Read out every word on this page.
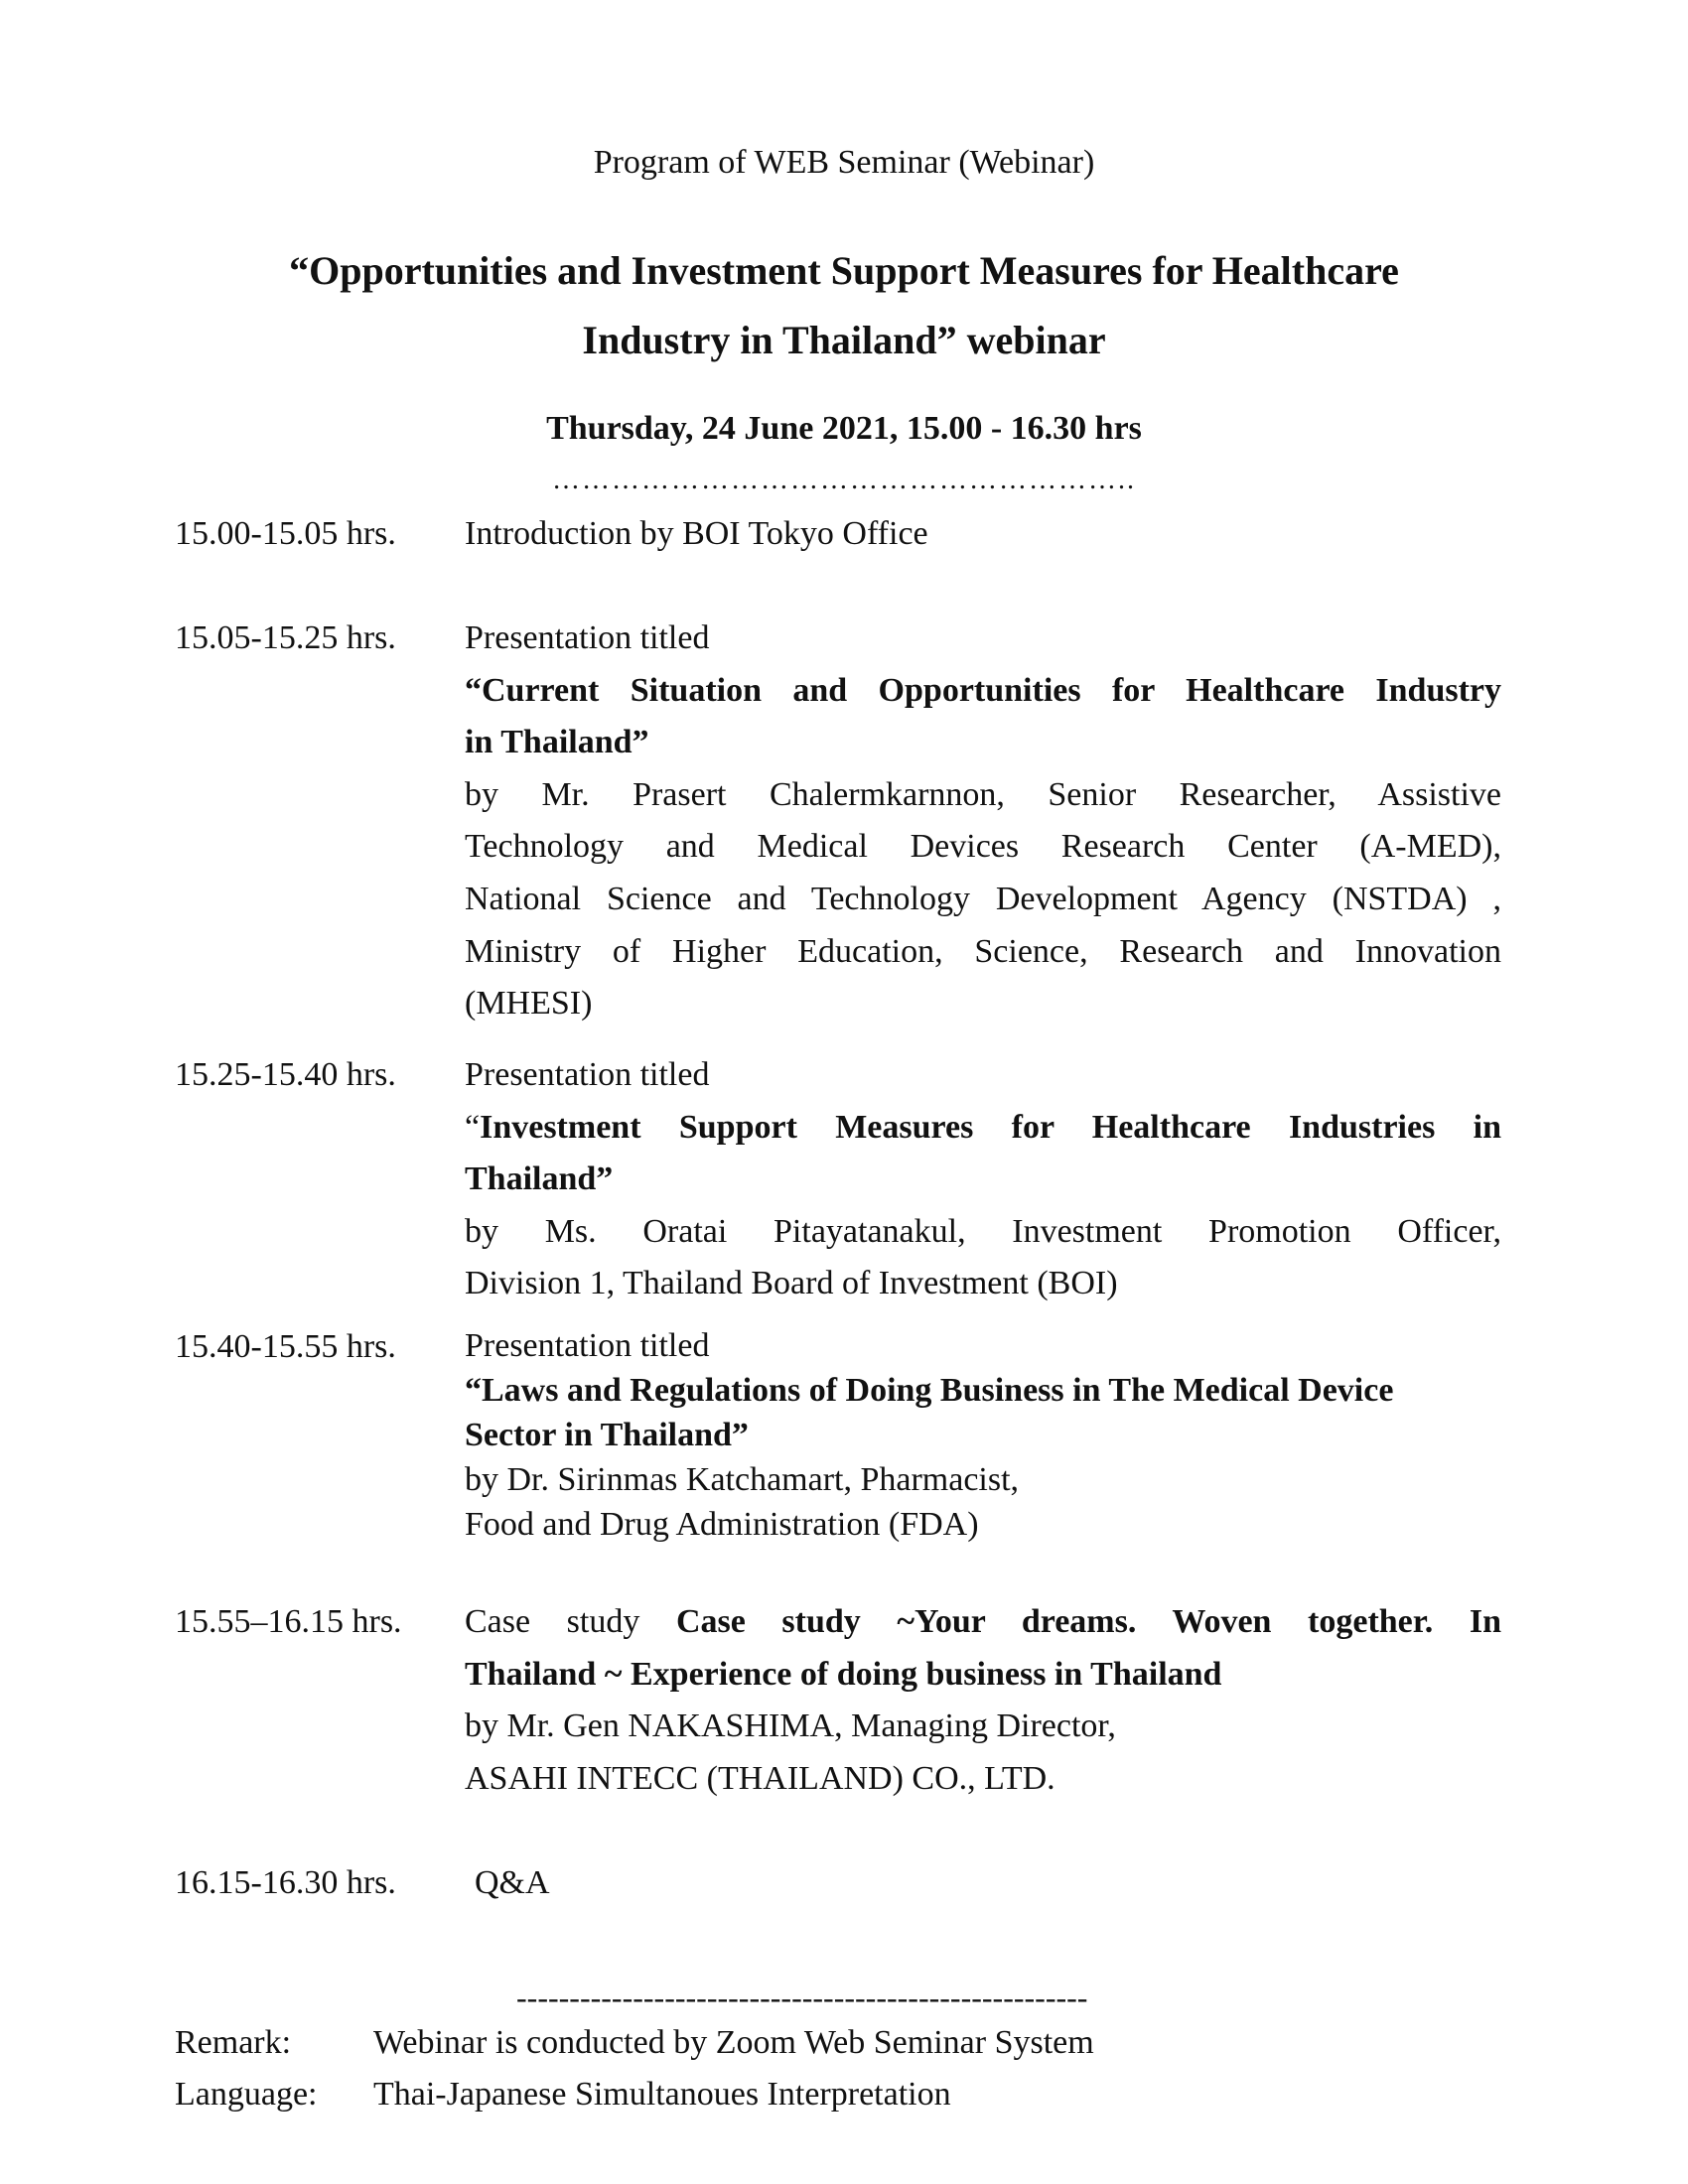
Program of WEB Seminar (Webinar)
“Opportunities and Investment Support Measures for Healthcare
Industry in Thailand” webinar
Thursday, 24 June 2021, 15.00 - 16.30 hrs
…………………………………………………..
15.00-15.05 hrs. Introduction by BOI Tokyo Office
15.05-15.25 hrs. Presentation titled
“Current Situation and Opportunities for Healthcare Industry
in Thailand”
by Mr. Prasert Chalermkarnnon, Senior Researcher, Assistive
Technology and Medical Devices Research Center (A-MED),
National Science and Technology Development Agency (NSTDA) ,
Ministry of Higher Education, Science, Research and Innovation
(MHESI)
15.25-15.40 hrs. Presentation titled
“Investment Support Measures for Healthcare Industries in
Thailand”
by Ms. Oratai Pitayatanakul, Investment Promotion Officer,
Division 1, Thailand Board of Investment (BOI)
15.40-15.55 hrs. Presentation titled
“Laws and Regulations of Doing Business in The Medical Device
Sector in Thailand”
by Dr. Sirinmas Katchamart, Pharmacist,
Food and Drug Administration (FDA)
15.55–16.15 hrs. Case study Case study ~Your dreams. Woven together. In
Thailand ~ Experience of doing business in Thailand
by Mr. Gen NAKASHIMA, Managing Director,
ASAHI INTECC (THAILAND) CO., LTD.
16.15-16.30 hrs. Q&A
------------------------------------------------------
Remark: Webinar is conducted by Zoom Web Seminar System
Language: Thai-Japanese Simultanoues Interpretation
